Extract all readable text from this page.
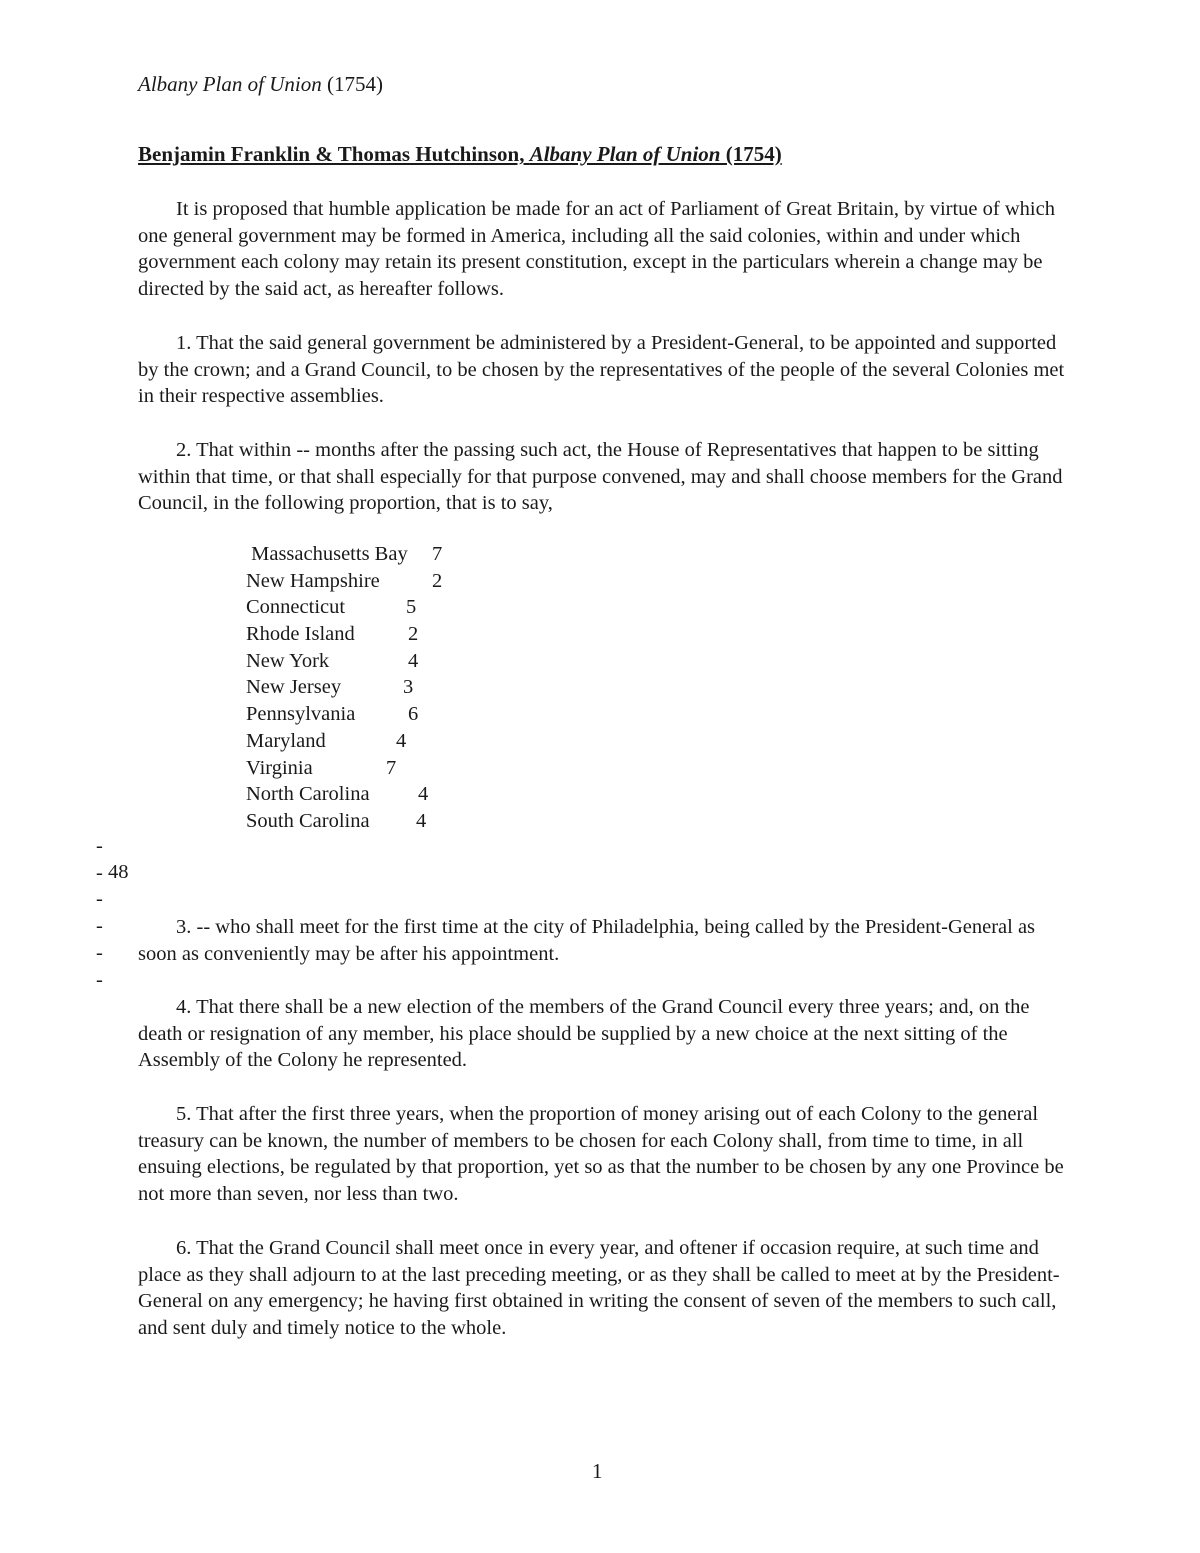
Albany Plan of Union (1754)
Benjamin Franklin & Thomas Hutchinson, Albany Plan of Union (1754)

It is proposed that humble application be made for an act of Parliament of Great Britain, by virtue of which one general government may be formed in America, including all the said colonies, within and under which government each colony may retain its present constitution, except in the particulars wherein a change may be directed by the said act, as hereafter follows.

1. That the said general government be administered by a President-General, to be appointed and supported by the crown; and a Grand Council, to be chosen by the representatives of the people of the several Colonies met in their respective assemblies.

2. That within -- months after the passing such act, the House of Representatives that happen to be sitting within that time, or that shall especially for that purpose convened, may and shall choose members for the Grand Council, in the following proportion, that is to say,

Massachusetts Bay 7
New Hampshire	2
Connecticut	5
Rhode Island	2
New York	4
New Jersey	3
Pennsylvania	6
Maryland	4
Virginia	7
North Carolina 4
South Carolina 4
------
48

3. -- who shall meet for the first time at the city of Philadelphia, being called by the President-General as soon as conveniently may be after his appointment.

4. That there shall be a new election of the members of the Grand Council every three years; and, on the death or resignation of any member, his place should be supplied by a new choice at the next sitting of the Assembly of the Colony he represented.

5. That after the first three years, when the proportion of money arising out of each Colony to the general treasury can be known, the number of members to be chosen for each Colony shall, from time to time, in all ensuing elections, be regulated by that proportion, yet so as that the number to be chosen by any one Province be not more than seven, nor less than two.

6. That the Grand Council shall meet once in every year, and oftener if occasion require, at such time and place as they shall adjourn to at the last preceding meeting, or as they shall be called to meet at by the President-General on any emergency; he having first obtained in writing the consent of seven of the members to such call, and sent duly and timely notice to the whole.

1
